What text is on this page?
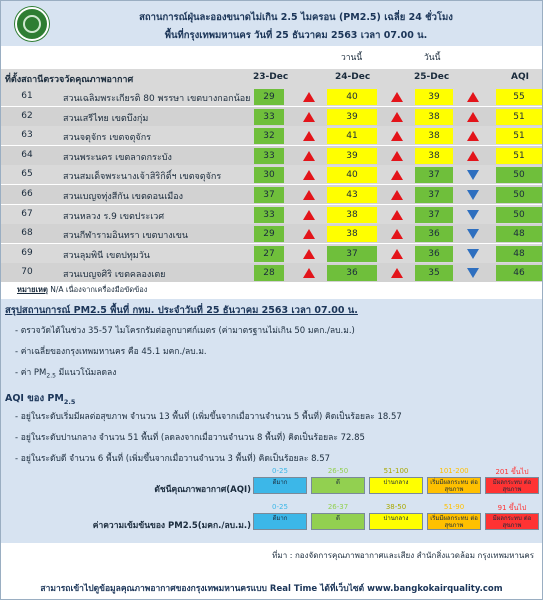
สถานการณ์ฝุ่นละอองขนาดไม่เกิน 2.5 ไมครอน (PM2.5) เฉลี่ย 24 ชั่วโมง
พื้นที่กรุงเทพมหานคร วันที่ 25 ธันวาคม 2563 เวลา 07.00 น.
วานนี้	วันนี้
ที่ตั้งสถานีตรวจวัดคุณภาพอากาศ	23-Dec	24-Dec	25-Dec	AQI
61	สวนเฉลิมพระเกียรติ 80 พรรษา เขตบางกอกน้อย	29	40	39	55
62	สวนเสรีไทย เขตบึงกุ่ม	33	39	38	51
63	สวนจตุจักร เขตจตุจักร	32	41	38	51
64	สวนพระนคร เขตลาดกระบัง	33	39	38	51
65	สวนสมเด็จพระนางเจ้าสิริกิติ์ฯ เขตจตุจักร	30	40	37	50
66	สวนเบญจทุ่งสีกัน เขตดอนเมือง	37	43	37	50
67	สวนหลวง ร.9 เขตประเวศ	33	38	37	50
68	สวนกีฬารามอินทรา เขตบางเขน	29	38	36	48
69	สวนลุมพินี เขตปทุมวัน	27	37	36	48
70	สวนเบญจศิริ เขตคลองเตย	28	36	35	46
หมายเหตุ N/A เนื่องจากเครื่องมือขัดข้อง
สรุปสถานการณ์ PM2.5 พื้นที่ กทม. ประจำวันที่ 25 ธันวาคม 2563 เวลา 07.00 น.
- ตรวจวัดได้ในช่วง 35-57 ไมโครกรัมต่อลูกบาศก์เมตร (ค่ามาตรฐานไม่เกิน 50 มคก./ลบ.ม.)
- ค่าเฉลี่ยของกรุงเทพมหานคร คือ 45.1 มคก./ลบ.ม.
- ค่า $PM_{2.5}$ มีแนวโน้มลดลง
AQI ของ $PM_{2.5}$
- อยู่ในระดับเริ่มมีผลต่อสุขภาพ จำนวน 13 พื้นที่ (เพิ่มขึ้นจากเมื่อวานจำนวน 5 พื้นที่) คิดเป็นร้อยละ 18.57
- อยู่ในระดับปานกลาง จำนวน 51 พื้นที่ (ลดลงจากเมื่อวานจำนวน 8 พื้นที่) คิดเป็นร้อยละ 72.85
- อยู่ในระดับดี จำนวน 6 พื้นที่ (เพิ่มขึ้นจากเมื่อวานจำนวน 3 พื้นที่) คิดเป็นร้อยละ 8.57
ดัชนีคุณภาพอากาศ(AQI)
ค่าความเข้มข้นของ PM2.5(มคก./ลบ.ม.)
0-25
ดีมาก
26-50
ดี
51-100
ปานกลาง
101-200
เริ่มมีผลกระทบ ต่อสุขภาพ
201 ขึ้นไป
มีผลกระทบ ต่อสุขภาพ
0-25
ดีมาก
26-37
ดี
38-50
ปานกลาง
51-90
เริ่มมีผลกระทบ ต่อสุขภาพ
91 ขึ้นไป
มีผลกระทบ ต่อสุขภาพ
ที่มา : กองจัดการคุณภาพอากาศและเสียง สำนักสิ่งแวดล้อม กรุงเทพมหานคร
สามารถเข้าไปดูข้อมูลคุณภาพอากาศของกรุงเทพมหานครแบบ Real Time ได้ที่เว็บไซต์ www.bangkokairquality.com
